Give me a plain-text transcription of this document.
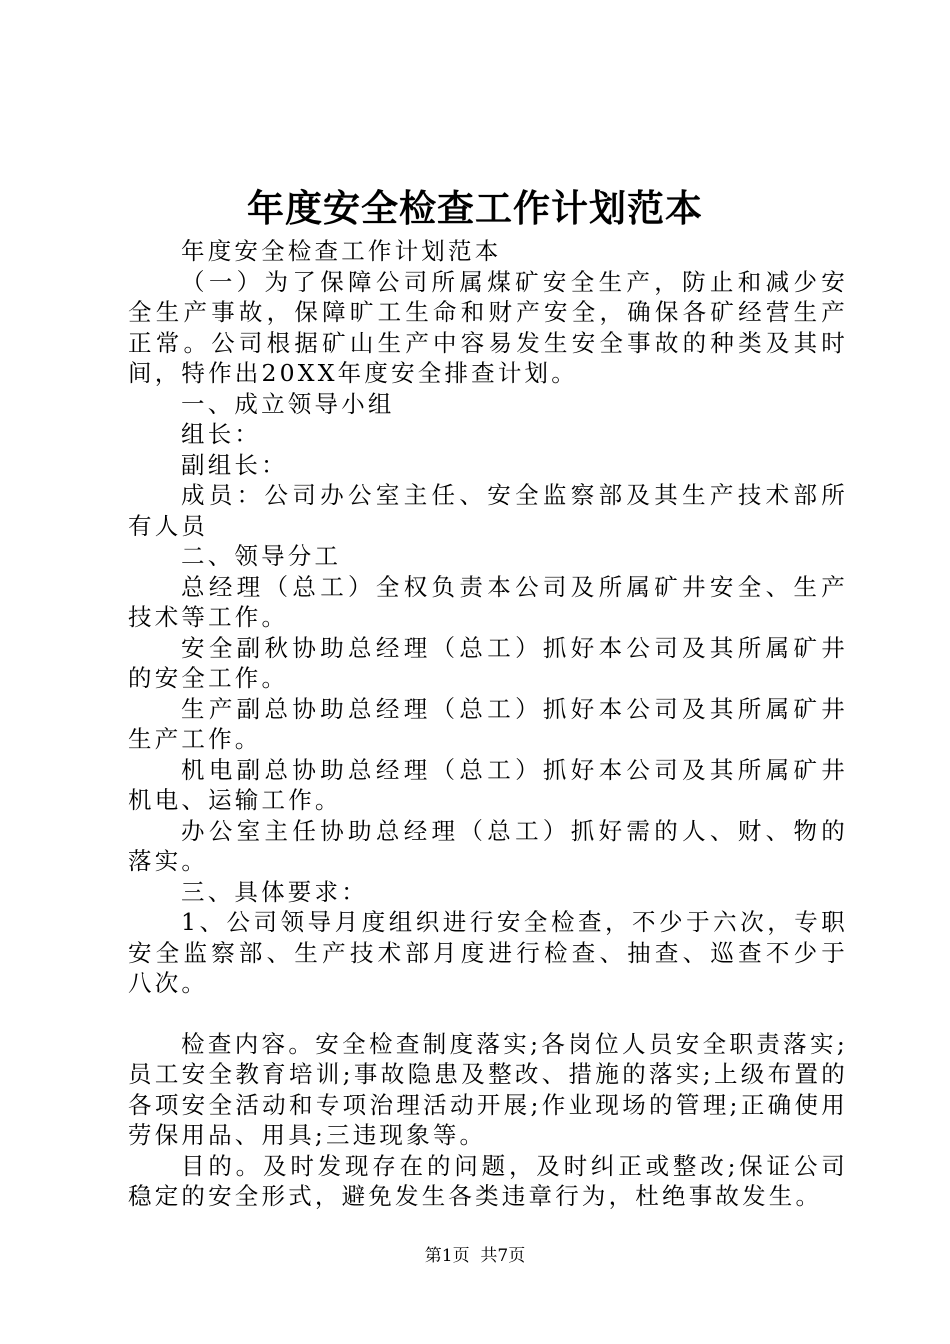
年度安全检查工作计划范本

年度安全检查工作计划范本

（一）为了保障公司所属煤矿安全生产，防止和减少安全生产事故，保障旷工生命和财产安全，确保各矿经营生产正常。公司根据矿山生产中容易发生安全事故的种类及其时间，特作出20XX年度安全排查计划。

一、成立领导小组

组长：

副组长：

成员：公司办公室主任、安全监察部及其生产技术部所有人员

二、领导分工

总经理（总工）全权负责本公司及所属矿井安全、生产技术等工作。

安全副秋协助总经理（总工）抓好本公司及其所属矿井的安全工作。

生产副总协助总经理（总工）抓好本公司及其所属矿井生产工作。

机电副总协助总经理（总工）抓好本公司及其所属矿井机电、运输工作。

办公室主任协助总经理（总工）抓好需的人、财、物的落实。

三、具体要求：

1、公司领导月度组织进行安全检查，不少于六次，专职安全监察部、生产技术部月度进行检查、抽查、巡查不少于八次。

检查内容。安全检查制度落实;各岗位人员安全职责落实;员工安全教育培训;事故隐患及整改、措施的落实;上级布置的各项安全活动和专项治理活动开展;作业现场的管理;正确使用劳保用品、用具;三违现象等。

目的。及时发现存在的问题，及时纠正或整改;保证公司稳定的安全形式，避免发生各类违章行为，杜绝事故发生。

第1页 共7页
